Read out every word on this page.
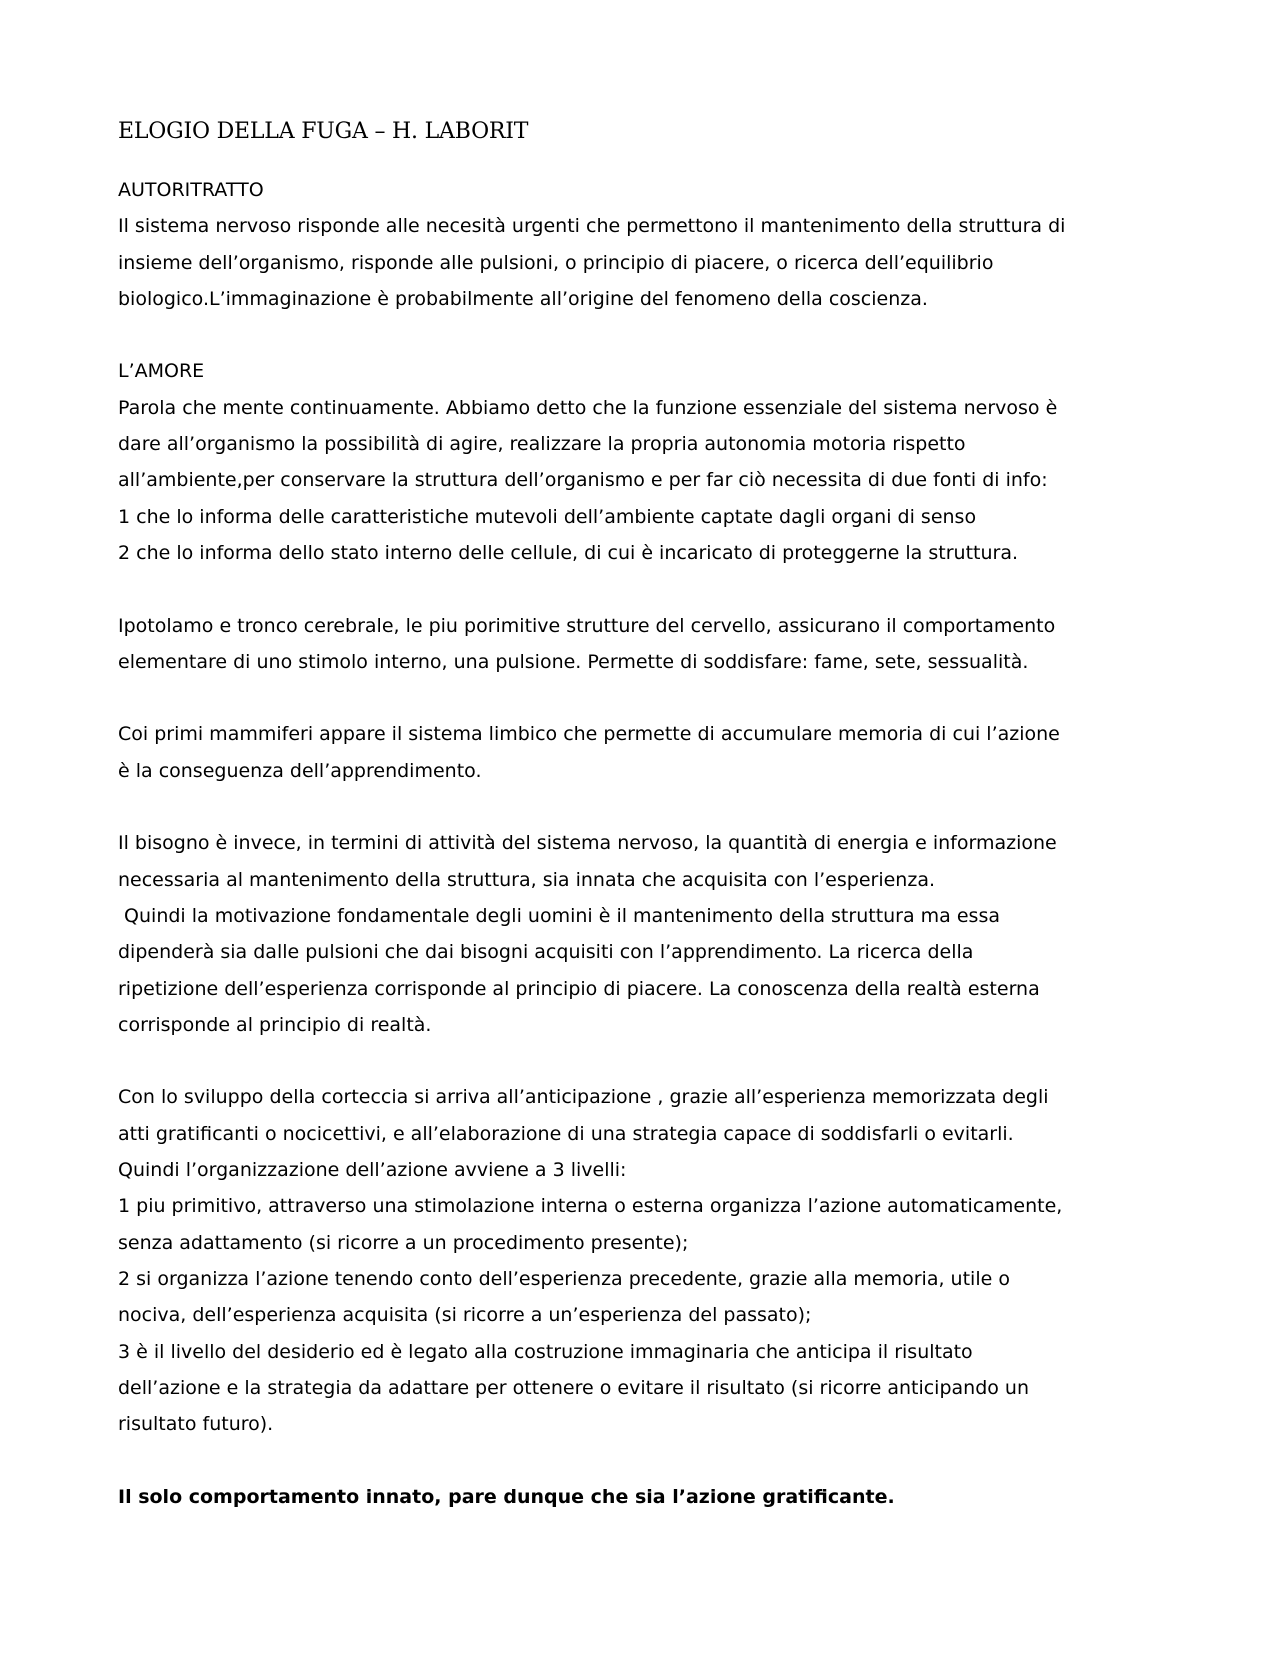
ELOGIO DELLA FUGA – H. LABORIT
AUTORITRATTO
Il sistema nervoso risponde alle necesità urgenti che permettono il mantenimento della struttura di
insieme dell’organismo, risponde alle pulsioni, o principio di piacere, o ricerca dell’equilibrio
biologico.L’immaginazione è probabilmente all’origine del fenomeno della coscienza.
L’AMORE
Parola che mente continuamente. Abbiamo detto che la funzione essenziale del sistema nervoso è
dare all’organismo la possibilità di agire, realizzare la propria autonomia motoria rispetto
all’ambiente,per conservare la struttura dell’organismo e per far ciò necessita di due fonti di info:
1 che lo informa delle caratteristiche mutevoli dell’ambiente captate dagli organi di senso
2 che lo informa dello stato interno delle cellule, di cui è incaricato di proteggerne la struttura.
Ipotolamo e tronco cerebrale, le piu porimitive strutture del cervello, assicurano il comportamento
elementare di uno stimolo interno, una pulsione. Permette di soddisfare: fame, sete, sessualità.
Coi primi mammiferi appare il sistema limbico che permette di accumulare memoria di cui l’azione
è la conseguenza dell’apprendimento.
Il bisogno è invece, in termini di attività del sistema nervoso, la quantità di energia e informazione
necessaria al mantenimento della struttura, sia innata che acquisita con l’esperienza.
Quindi la motivazione fondamentale degli uomini è il mantenimento della struttura ma essa
dipenderà sia dalle pulsioni che dai bisogni acquisiti con l’apprendimento. La ricerca della
ripetizione dell’esperienza corrisponde al principio di piacere. La conoscenza della realtà esterna
corrisponde al principio di realtà.
Con lo sviluppo della corteccia si arriva all’anticipazione , grazie all’esperienza memorizzata degli
atti gratificanti o nocicettivi, e all’elaborazione di una strategia capace di soddisfarli o evitarli.
Quindi l’organizzazione dell’azione avviene a 3 livelli:
1 piu primitivo, attraverso una stimolazione interna o esterna organizza l’azione automaticamente,
senza adattamento (si ricorre a un procedimento presente);
2 si organizza l’azione tenendo conto dell’esperienza precedente, grazie alla memoria, utile o
nociva, dell’esperienza acquisita (si ricorre a un’esperienza del passato);
3 è il livello del desiderio ed è legato alla costruzione immaginaria che anticipa il risultato
dell’azione e la strategia da adattare per ottenere o evitare il risultato (si ricorre anticipando un
risultato futuro).
Il solo comportamento innato, pare dunque che sia l’azione gratificante.
